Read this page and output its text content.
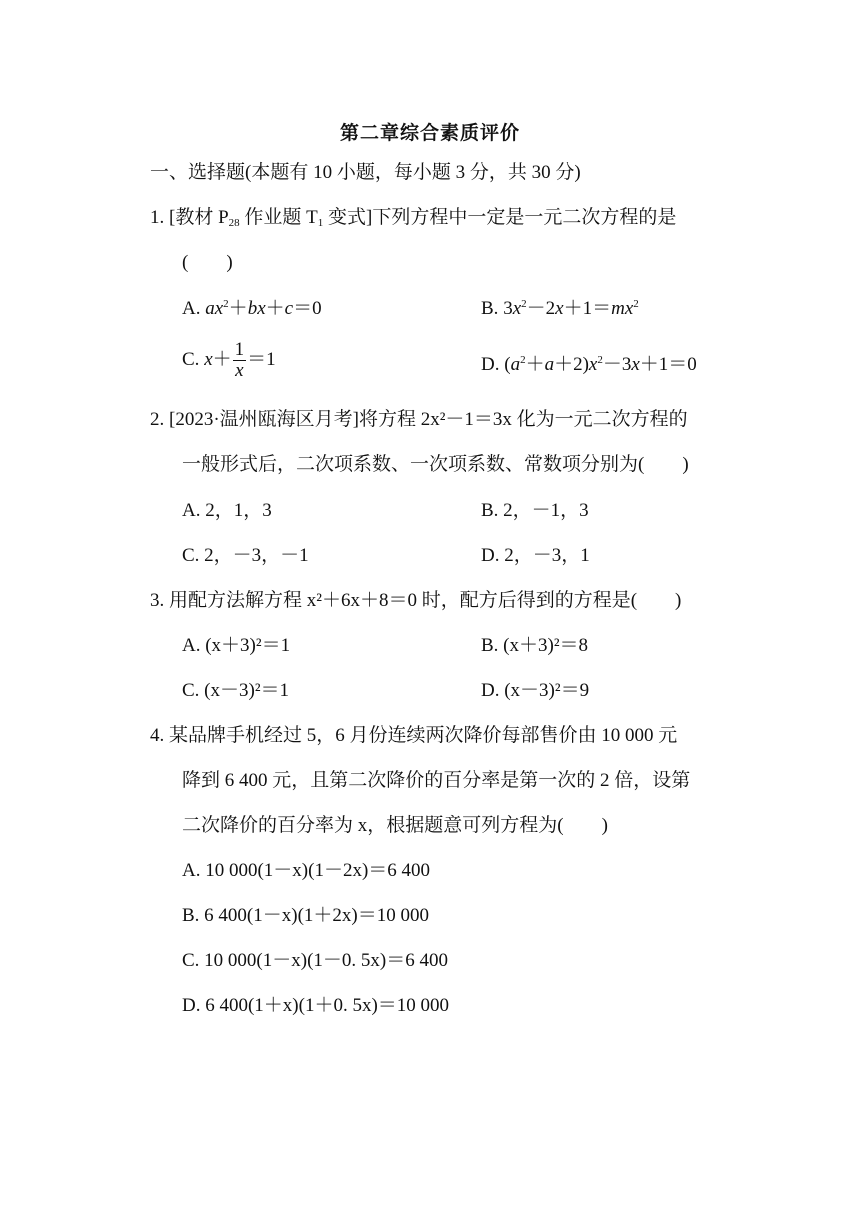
第二章综合素质评价
一、选择题(本题有 10 小题，每小题 3 分，共 30 分)
1. [教材 $P_{28}$ 作业题 $T_1$ 变式]下列方程中一定是一元二次方程的是
(　　)
A. $ax^2+bx+c=0$	B. $3x^2-2x+1=mx^2$
C. $x+ \frac{1}{x} =1$	D. $(a^2+a+2)x^2-3x+1=0$
2. [2023·温州瓯海区月考]将方程 2x²－1＝3x 化为一元二次方程的
一般形式后，二次项系数、一次项系数、常数项分别为(　　)
A. 2，1，3	B. 2，－1，3
C. 2，－3，－1	D. 2，－3，1
3. 用配方法解方程 x²＋6x＋8＝0 时，配方后得到的方程是(　　)
A. (x＋3)²＝1	B. (x＋3)²＝8
C. (x－3)²＝1	D. (x－3)²＝9
4. 某品牌手机经过 5，6 月份连续两次降价每部售价由 10 000 元
降到 6 400 元，且第二次降价的百分率是第一次的 2 倍，设第
二次降价的百分率为 x，根据题意可列方程为(　　)
A. 10 000(1－x)(1－2x)＝6 400
B. 6 400(1－x)(1＋2x)＝10 000
C. 10 000(1－x)(1－0. 5x)＝6 400
D. 6 400(1＋x)(1＋0. 5x)＝10 000
